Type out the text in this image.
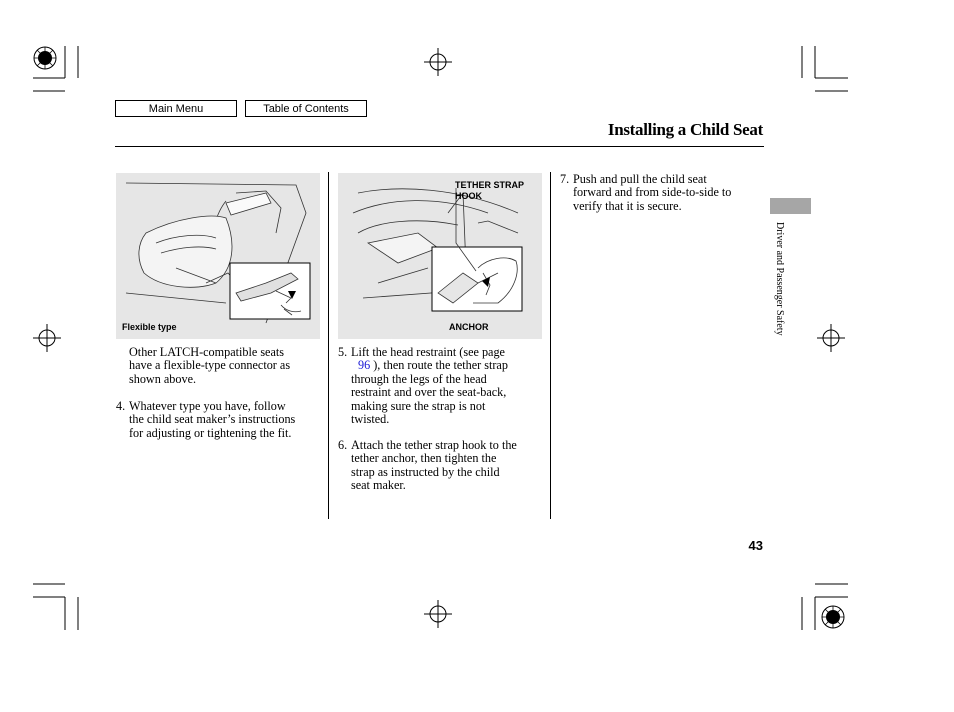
Main Menu	Table of Contents
Installing a Child Seat
Flexible type
TETHER STRAP
HOOK
ANCHOR
Other LATCH-compatible seats
have a flexible-type connector as
shown above.
4. Whatever type you have, follow
the child seat maker’s instructions
for adjusting or tightening the fit.
5. Lift the head restraint (see page
96 ), then route the tether strap
through the legs of the head
restraint and over the seat-back,
making sure the strap is not
twisted.
6. Attach the tether strap hook to the
tether anchor, then tighten the
strap as instructed by the child
seat maker.
7. Push and pull the child seat
forward and from side-to-side to
verify that it is secure.
Driver and Passenger Safety
43
